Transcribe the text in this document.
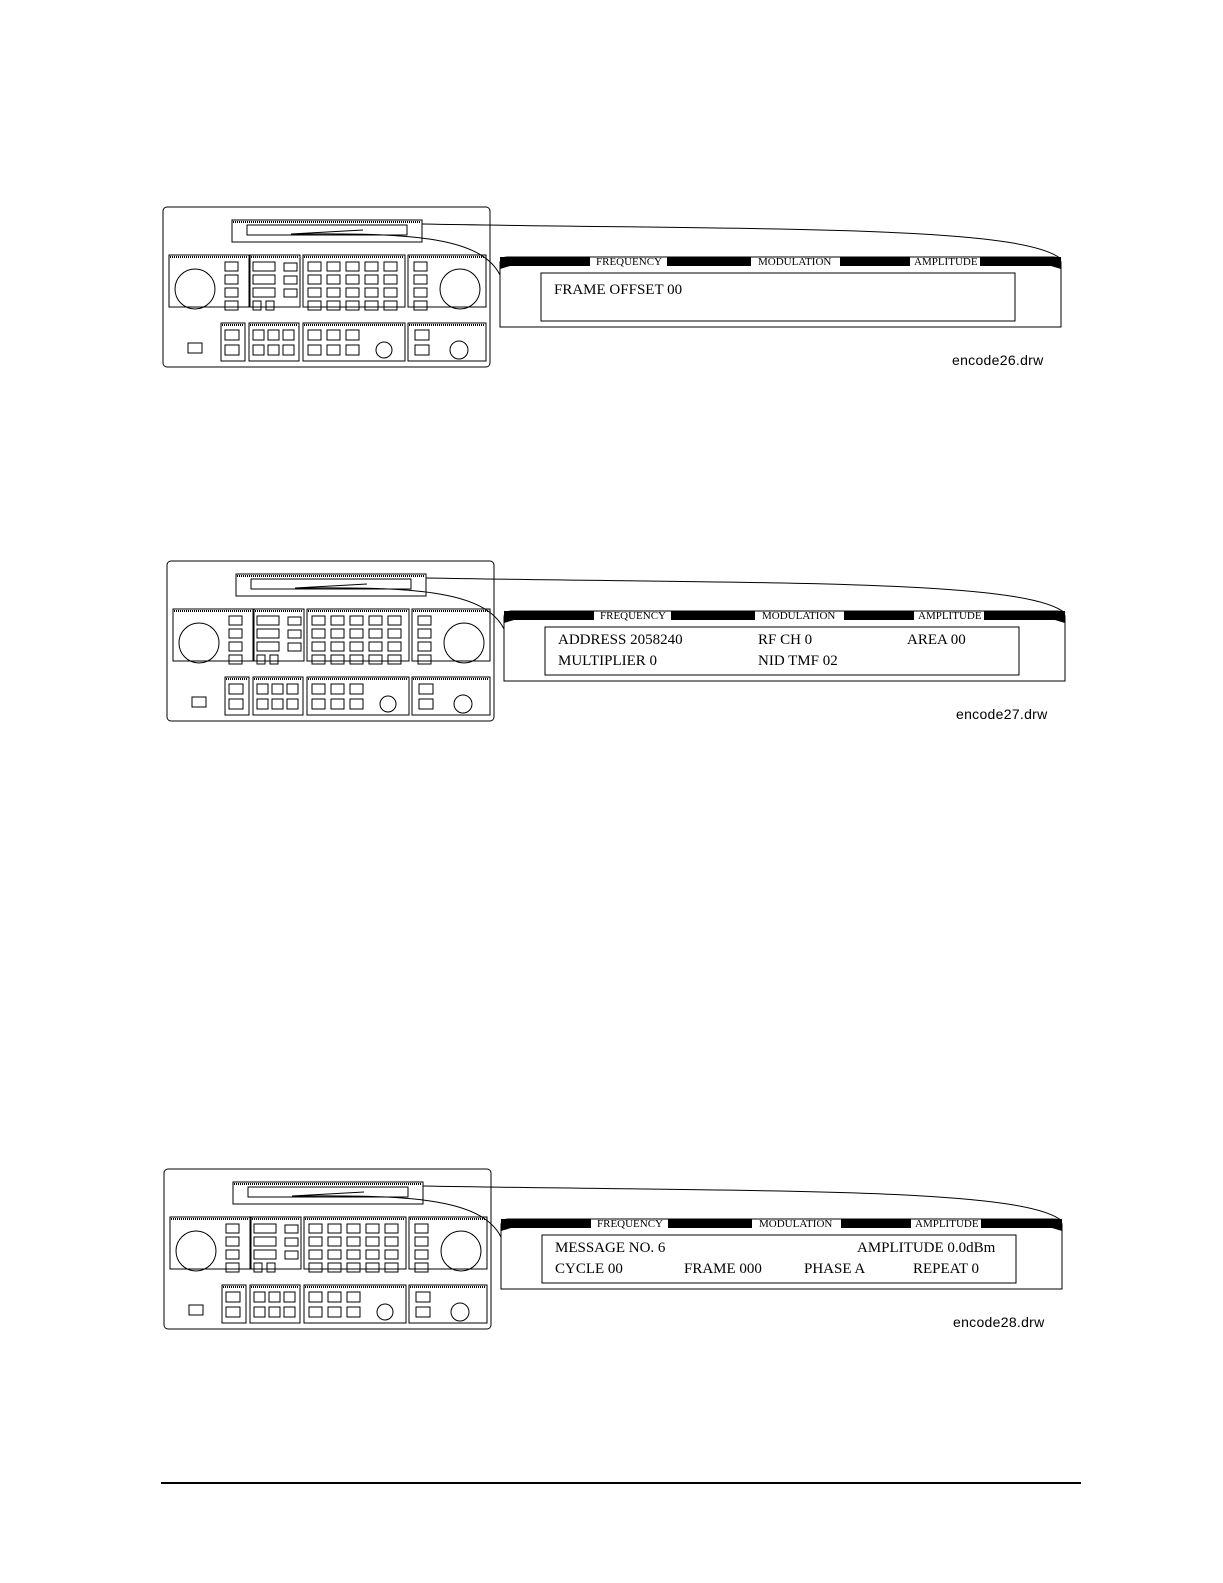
FREQUENCY	MODULATION	AMPLITUDE
FRAME OFFSET 00
encode26.drw
FREQUENCY	MODULATION	AMPLITUDE
ADDRESS 2058240	RF CH 0	AREA 00
MULTIPLIER 0	NID TMF 02
encode27.drw
FREQUENCY	MODULATION	AMPLITUDE
MESSAGE NO. 6	AMPLITUDE 0.0dBm
CYCLE 00	FRAME 000	PHASE A	REPEAT 0
encode28.drw
